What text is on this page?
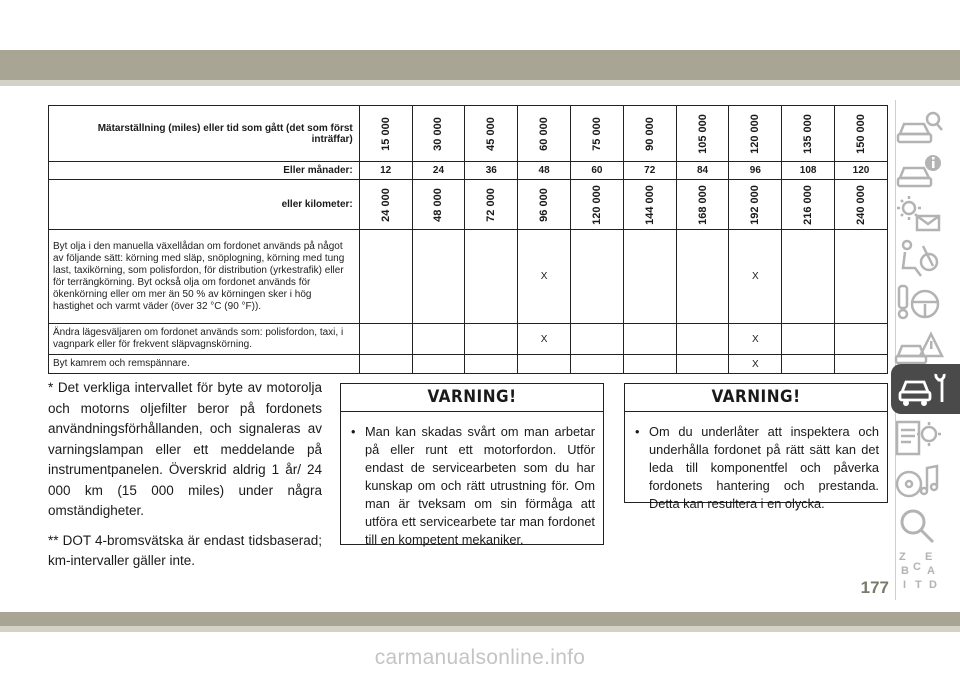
Mätarställning (miles) eller tid som gått (det som först inträffar)	15 000	30 000	45 000	60 000	75 000	90 000	105 000	120 000	135 000	150 000

Eller månader:	12	24	36	48	60	72	84	96	108	120
eller kilometer:	24 000	48 000	72 000	96 000	120 000	144 000	168 000	192 000	216 000	240 000

Byt olja i den manuella växellådan om fordonet används på något av följande sätt: körning med släp, snöplogning, körning med tung last, taxikörning, som polisfordon, för distribution (yrkestrafik) eller för terrängkörning. Byt också olja om fordonet används för ökenkörning eller om mer än 50 % av körningen sker i hög hastighet och varmt väder (över 32 °C (90 °F)).				X				X		
Ändra lägesväljaren om fordonet används som: polisfordon, taxi, i vagnpark eller för frekvent släpvagnskörning.				X				X		
Byt kamrem och remspännare.								X		

* Det verkliga intervallet för byte av motorolja och motorns oljefilter beror på fordonets användningsförhållanden, och signaleras av varningslampan eller ett meddelande på instrumentpanelen. Överskrid aldrig 1 år/ 24 000 km (15 000 miles) under några omständigheter.

** DOT 4-bromsvätska är endast tidsbaserad; km-intervaller gäller inte.

VARNING!
• Man kan skadas svårt om man arbetar på eller runt ett motorfordon. Utför endast de servicearbeten som du har kunskap om och rätt utrustning för. Om man är tveksam om sin förmåga att utföra ett servicearbete tar man fordonet till en kompetent mekaniker.
VARNING!
• Om du underlåter att inspektera och underhålla fordonet på rätt sätt kan det leda till komponentfel och påverka fordonets hantering och prestanda. Detta kan resultera i en olycka.
Z E
B A
C
D
I T
177
carmanualsonline.info
